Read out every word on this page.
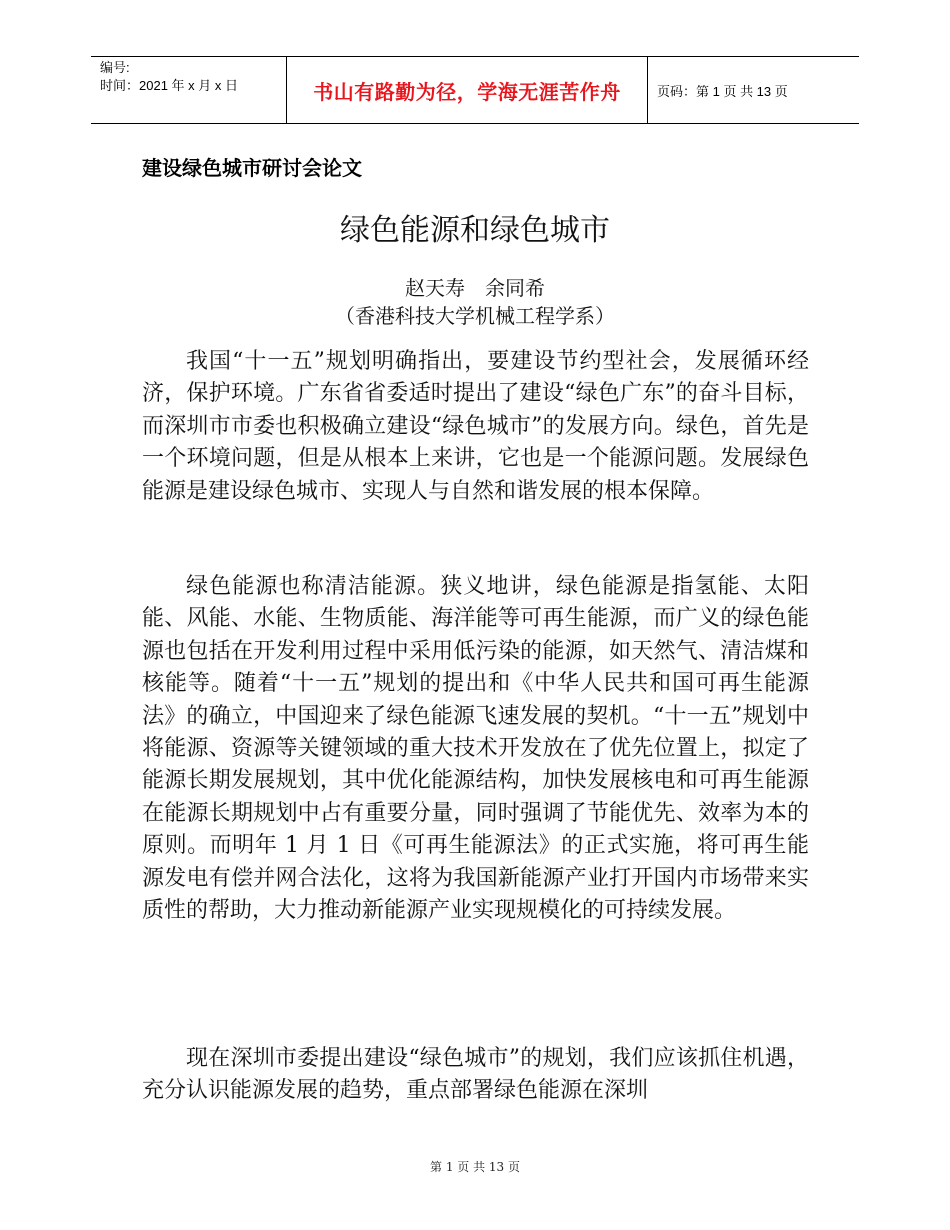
编号:
时间：2021 年 x 月 x 日	书山有路勤为径，学海无涯苦作舟	页码：第 1 页 共 13 页

建设绿色城市研讨会论文

绿色能源和绿色城市

赵天寿　余同希

（香港科技大学机械工程学系）

我国“十一五”规划明确指出，要建设节约型社会，发展循环经济，保护环境。广东省省委适时提出了建设“绿色广东”的奋斗目标，而深圳市市委也积极确立建设“绿色城市”的发展方向。绿色，首先是一个环境问题，但是从根本上来讲，它也是一个能源问题。发展绿色能源是建设绿色城市、实现人与自然和谐发展的根本保障。

绿色能源也称清洁能源。狭义地讲，绿色能源是指氢能、太阳能、风能、水能、生物质能、海洋能等可再生能源，而广义的绿色能源也包括在开发利用过程中采用低污染的能源，如天然气、清洁煤和核能等。随着“十一五”规划的提出和《中华人民共和国可再生能源法》的确立，中国迎来了绿色能源飞速发展的契机。“十一五”规划中将能源、资源等关键领域的重大技术开发放在了优先位置上，拟定了能源长期发展规划，其中优化能源结构，加快发展核电和可再生能源在能源长期规划中占有重要分量，同时强调了节能优先、效率为本的原则。而明年 1 月 1 日《可再生能源法》的正式实施，将可再生能源发电有偿并网合法化，这将为我国新能源产业打开国内市场带来实质性的帮助，大力推动新能源产业实现规模化的可持续发展。

现在深圳市委提出建设“绿色城市”的规划，我们应该抓住机遇，充分认识能源发展的趋势，重点部署绿色能源在深圳

第 1 页 共 13 页
